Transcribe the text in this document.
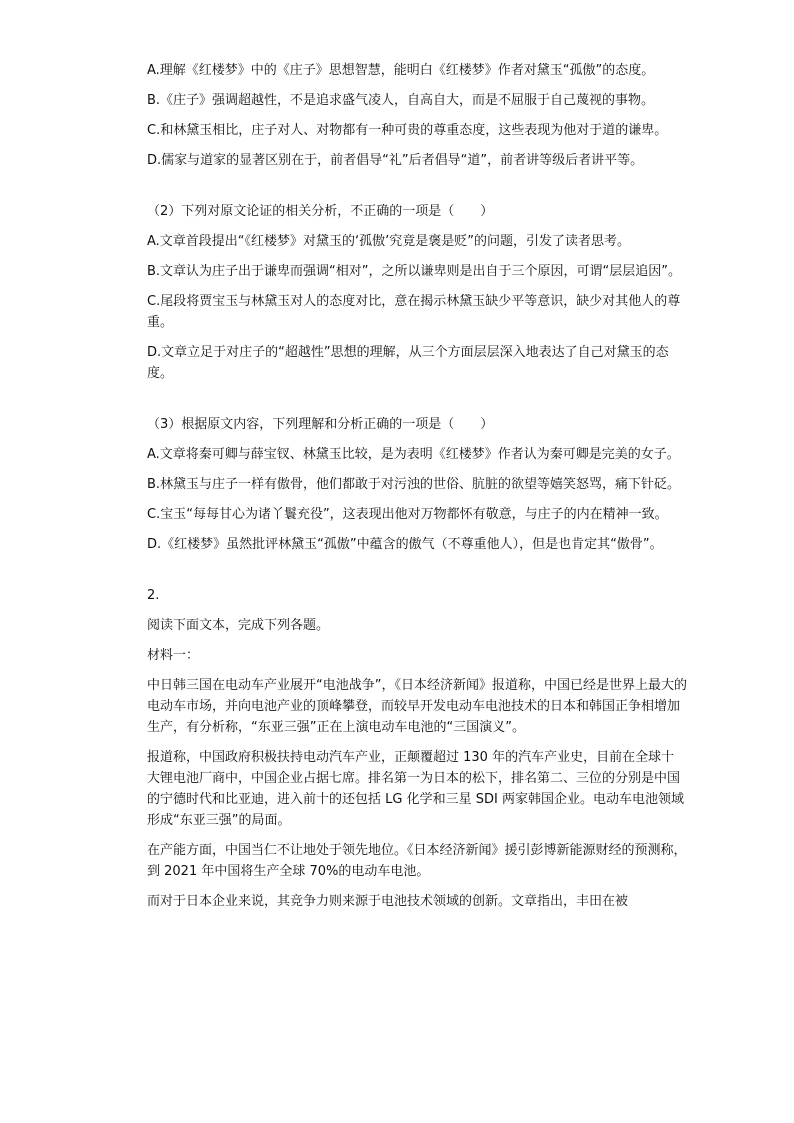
A.理解《红楼梦》中的《庄子》思想智慧，能明白《红楼梦》作者对黛玉“孤傲”的态度。

B.《庄子》强调超越性，不是追求盛气凌人，自高自大，而是不屈服于自己蔑视的事物。

C.和林黛玉相比，庄子对人、对物都有一种可贵的尊重态度，这些表现为他对于道的谦卑。

D.儒家与道家的显著区别在于，前者倡导“礼”后者倡导“道”，前者讲等级后者讲平等。

（2）下列对原文论证的相关分析，不正确的一项是（　　）

A.文章首段提出“《红楼梦》对黛玉的‘孤傲’究竟是褒是贬”的问题，引发了读者思考。

B.文章认为庄子出于谦卑而强调“相对”，之所以谦卑则是出自于三个原因，可谓“层层追因”。

C.尾段将贾宝玉与林黛玉对人的态度对比，意在揭示林黛玉缺少平等意识，缺少对其他人的尊重。

D.文章立足于对庄子的“超越性”思想的理解，从三个方面层层深入地表达了自己对黛玉的态度。

（3）根据原文内容，下列理解和分析正确的一项是（　　）

A.文章将秦可卿与薛宝钗、林黛玉比较，是为表明《红楼梦》作者认为秦可卿是完美的女子。

B.林黛玉与庄子一样有傲骨，他们都敢于对污浊的世俗、肮脏的欲望等嬉笑怒骂，痛下针砭。

C.宝玉“每每甘心为诸丫鬟充役”，这表现出他对万物都怀有敬意，与庄子的内在精神一致。

D.《红楼梦》虽然批评林黛玉“孤傲”中蕴含的傲气（不尊重他人），但是也肯定其“傲骨”。

2.

阅读下面文本，完成下列各题。

材料一：

中日韩三国在电动车产业展开“电池战争”，《日本经济新闻》报道称，中国已经是世界上最大的电动车市场，并向电池产业的顶峰攀登，而较早开发电动车电池技术的日本和韩国正争相增加生产，有分析称，“东亚三强”正在上演电动车电池的“三国演义”。

报道称，中国政府积极扶持电动汽车产业，正颠覆超过 130 年的汽车产业史，目前在全球十大锂电池厂商中，中国企业占据七席。排名第一为日本的松下，排名第二、三位的分别是中国的宁德时代和比亚迪，进入前十的还包括 LG 化学和三星 SDI 两家韩国企业。电动车电池领域形成“东亚三强”的局面。

在产能方面，中国当仁不让地处于领先地位。《日本经济新闻》援引彭博新能源财经的预测称，到 2021 年中国将生产全球 70%的电动车电池。

而对于日本企业来说，其竞争力则来源于电池技术领域的创新。文章指出，丰田在被
